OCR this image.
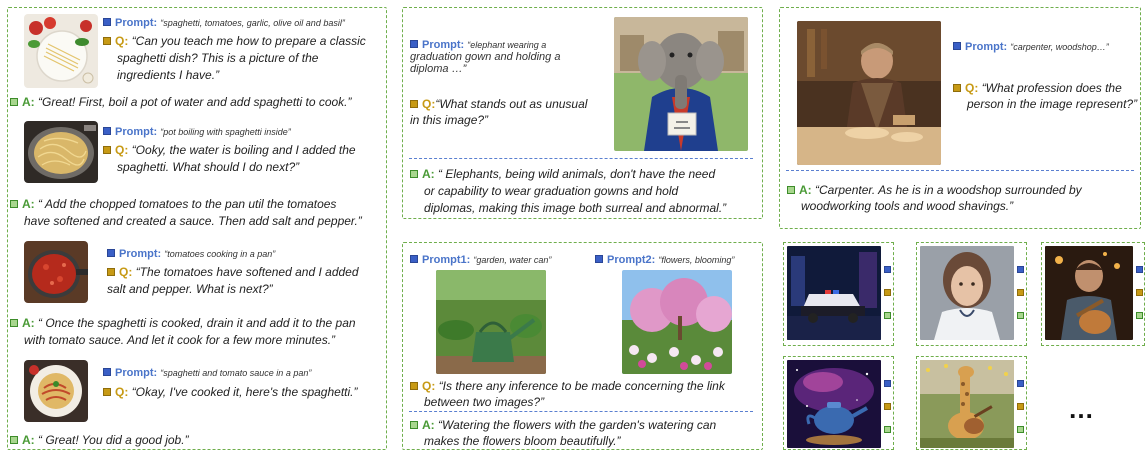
Prompt: “spaghetti, tomatoes, garlic, olive oil and basil”
Q: “Can you teach me how to prepare a classic
spaghetti dish? This is a picture of the
ingredients I have.”
A: “Great! First, boil a pot of water and add spaghetti to cook.”
Prompt: “pot boiling with spaghetti inside”
Q: “Ooky, the water is boiling and I added the
spaghetti. What should I do next?”
A: “ Add the chopped tomatoes to the pan util the tomatoes
have softened and created a sauce. Then add salt and pepper.”
Prompt: “tomatoes cooking in a pan”
Q: “The tomatoes have softened and I added
salt and pepper. What is next?”
A: “ Once the spaghetti is cooked, drain it and add it to the pan
with tomato sauce. And let it cook for a few more minutes.”
Prompt: “spaghetti and tomato sauce in a pan”
Q: “Okay, I've cooked it, here's the spaghetti.”
A: “ Great! You did a good job.”
Prompt: “elephant wearing a
graduation gown and holding a
diploma …”
Q:“What stands out as unusual
in this image?”
A: “ Elephants, being wild animals, don't have the need
or capability to wear graduation gowns and hold
diplomas, making this image both surreal and abnormal.”
Prompt: “carpenter, woodshop…”
Q: “What profession does the
person in the image represent?”
A: “Carpenter. As he is in a woodshop surrounded by
woodworking tools and wood shavings.”
Prompt1: “garden, water can”	Prompt2: “flowers, blooming”
Q: “Is there any inference to be made concerning the link
between two images?”
A: “Watering the flowers with the garden's watering can
makes the flowers bloom beautifully.”
…
